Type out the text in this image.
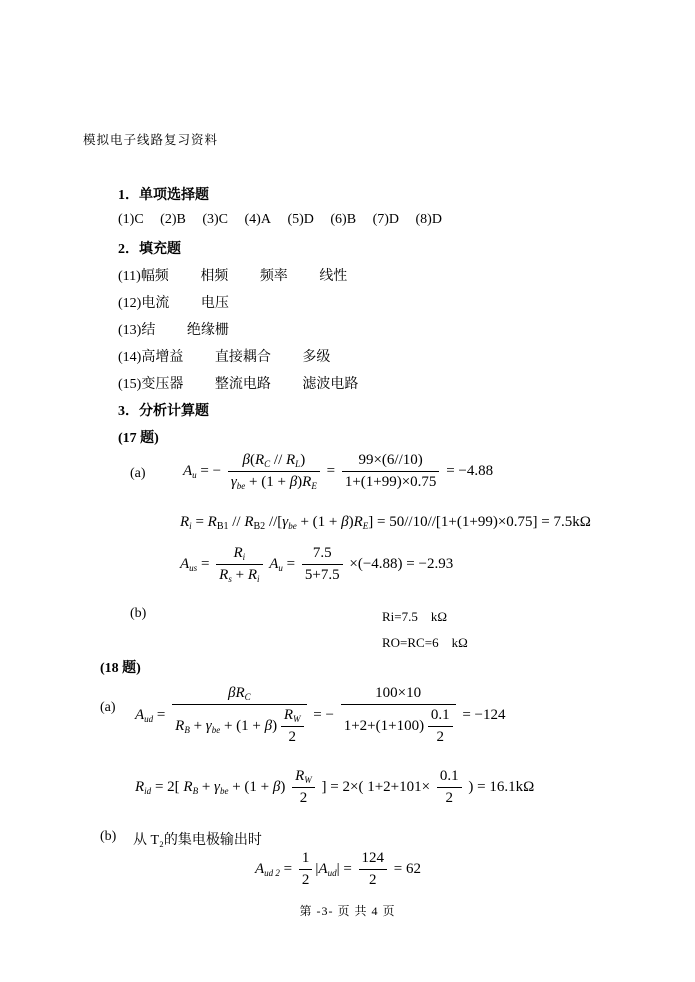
模拟电子线路复习资料
1．单项选择题
(1)C (2)B (3)C (4)A (5)D (6)B (7)D (8)D
2．填充题
(11)幅频 相频 频率 线性
(12)电流 电压
(13)结 绝缘栅
(14)高增益 直接耦合 多级
(15)变压器 整流电路 滤波电路
3．分析计算题
(17 题)
(a) $A_u$ = − $\frac{\beta(R_C // R_L)}{\gamma_{be} + (1 + \beta)R_E} = \frac{99\times(6//10)}{1+(1+99)\times 0.75} = -4.88$
$R_i = R_{B1} // R_{B2}$ $//[\gamma_{be} + (1 + \beta)R_E] = 50//10//[1+(1+99)\times 0.75] = 7.5k\Omega$
$A_{us} = \frac{R_i}{R_s + R_i} A_u = \frac{7.5}{5+7.5} \times(-4.88) = -2.93$
(b)	Ri=7.5　kΩ
RO=RC=6　kΩ
(18 题)
(a) $A_{ud} = \frac{\beta R_C}{R_B + \gamma_{be} + (1 + \beta) \frac{R_W}{2}}$ = − $\frac{100\times 10}{1+2+(1+100) \frac{0.1}{2}} = -124$
$R_{id} = 2$[ $R_B + \gamma_{be} + (1 + \beta) \frac{R_W}{2}$ ] = 2×( $1+2+101\times \frac{0.1}{2}$ ) = 16.1kΩ
(b) 从 T₂的集电极输出时
$A_{ud 2} = \frac{1}{2} |A_{ud}| = \frac{124}{2} = 62$
第 -3- 页 共 4 页
